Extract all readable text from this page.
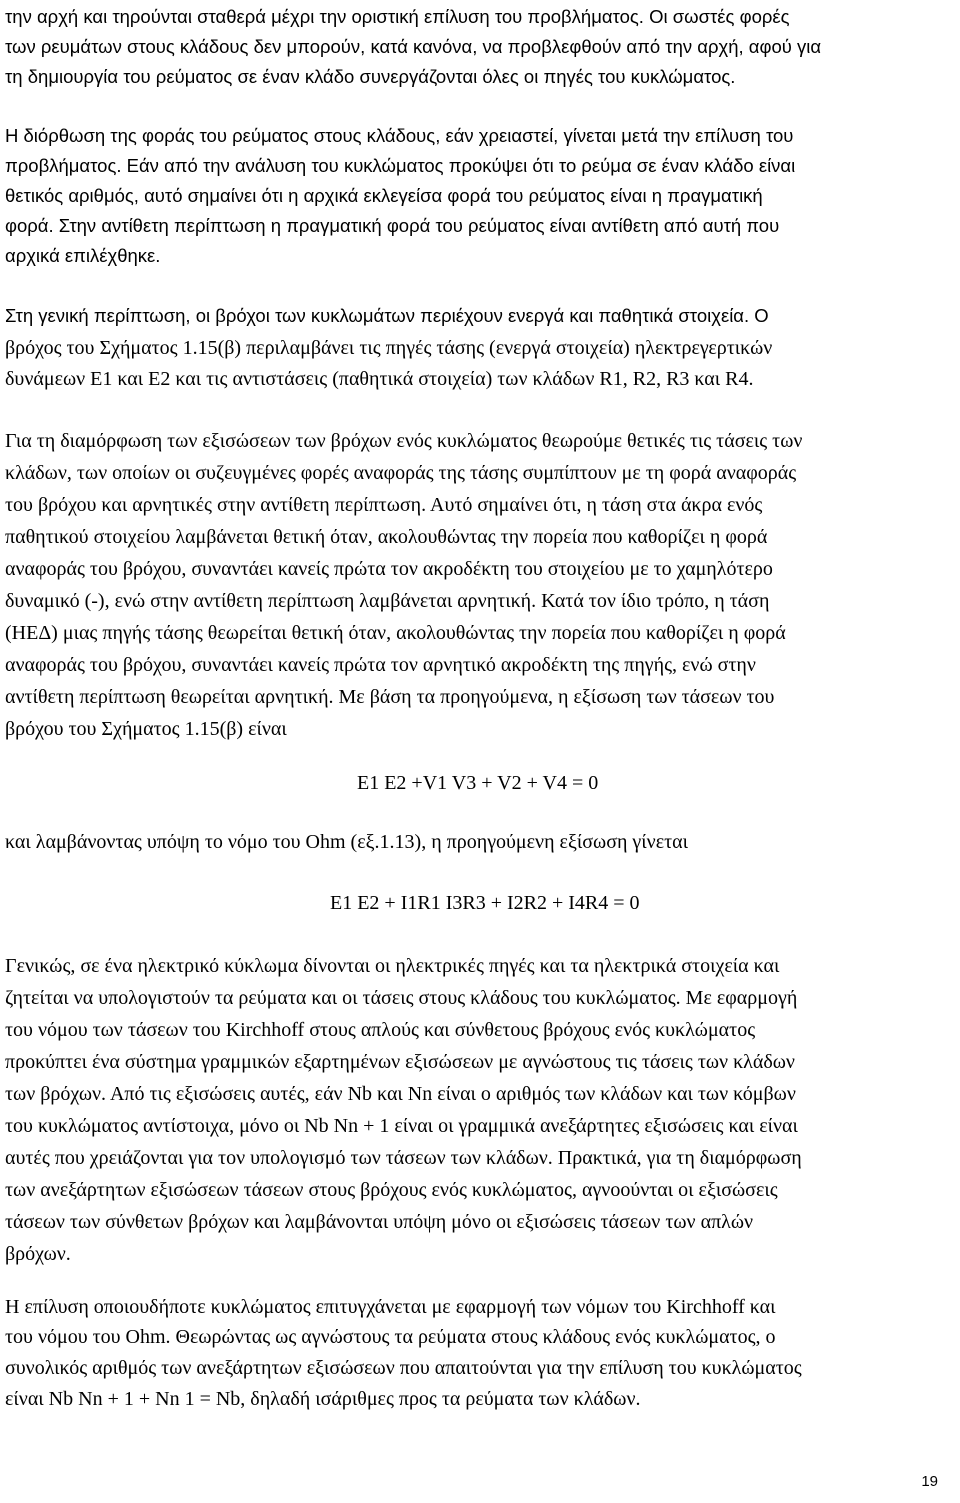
την αρχή και τηρούνται σταθερά μέχρι την οριστική επίλυση του προβλήματος. Οι σωστές φορές
των ρευμάτων στους κλάδους δεν μπορούν, κατά κανόνα, να προβλεφθούν από την αρχή, αφού για
τη δημιουργία του ρεύματος σε έναν κλάδο συνεργάζονται όλες οι πηγές του κυκλώματος.
Η διόρθωση της φοράς του ρεύματος στους κλάδους, εάν χρειαστεί, γίνεται μετά την επίλυση του
προβλήματος. Εάν από την ανάλυση του κυκλώματος προκύψει ότι το ρεύμα σε έναν κλάδο είναι
θετικός αριθμός, αυτό σημαίνει ότι η αρχικά εκλεγείσα φορά του ρεύματος είναι η πραγματική
φορά. Στην αντίθετη περίπτωση η πραγματική φορά του ρεύματος είναι αντίθετη από αυτή που
αρχικά επιλέχθηκε.
Στη γενική περίπτωση, οι βρόχοι των κυκλωμάτων περιέχουν ενεργά και παθητικά στοιχεία. Ο
βρόχος του Σχήματος 1.15(β) περιλαμβάνει τις πηγές τάσης (ενεργά στοιχεία) ηλεκτρεγερτικών
δυνάμεων E1 και E2 και τις αντιστάσεις (παθητικά στοιχεία) των κλάδων R1, R2, R3 και R4.
Για τη διαμόρφωση των εξισώσεων των βρόχων ενός κυκλώματος θεωρούμε θετικές τις τάσεις των
κλάδων, των οποίων οι συζευγμένες φορές αναφοράς της τάσης συμπίπτουν με τη φορά αναφοράς
του βρόχου και αρνητικές στην αντίθετη περίπτωση. Αυτό σημαίνει ότι, η τάση στα άκρα ενός
παθητικού στοιχείου λαμβάνεται θετική όταν, ακολουθώντας την πορεία που καθορίζει η φορά
αναφοράς του βρόχου, συναντάει κανείς πρώτα τον ακροδέκτη του στοιχείου με το χαμηλότερο
δυναμικό (-), ενώ στην αντίθετη περίπτωση λαμβάνεται αρνητική. Κατά τον ίδιο τρόπο, η τάση
(ΗΕΔ) μιας πηγής τάσης θεωρείται θετική όταν, ακολουθώντας την πορεία που καθορίζει η φορά
αναφοράς του βρόχου, συναντάει κανείς πρώτα τον αρνητικό ακροδέκτη της πηγής, ενώ στην
αντίθετη περίπτωση θεωρείται αρνητική. Με βάση τα προηγούμενα, η εξίσωση των τάσεων του
βρόχου του Σχήματος 1.15(β) είναι
E1 E2 +V1 V3 + V2 + V4 = 0
και λαμβάνοντας υπόψη το νόμο του Ohm (εξ.1.13), η προηγούμενη εξίσωση γίνεται
E1 E2 + I1R1 I3R3 + I2R2 + I4R4 = 0
Γενικώς, σε ένα ηλεκτρικό κύκλωμα δίνονται οι ηλεκτρικές πηγές και τα ηλεκτρικά στοιχεία και
ζητείται να υπολογιστούν τα ρεύματα και οι τάσεις στους κλάδους του κυκλώματος. Με εφαρμογή
του νόμου των τάσεων του Kirchhoff στους απλούς και σύνθετους βρόχους ενός κυκλώματος
προκύπτει ένα σύστημα γραμμικών εξαρτημένων εξισώσεων με αγνώστους τις τάσεις των κλάδων
των βρόχων. Από τις εξισώσεις αυτές, εάν Nb και Nn είναι ο αριθμός των κλάδων και των κόμβων
του κυκλώματος αντίστοιχα, μόνο οι Nb Nn + 1 είναι οι γραμμικά ανεξάρτητες εξισώσεις και είναι
αυτές που χρειάζονται για τον υπολογισμό των τάσεων των κλάδων. Πρακτικά, για τη διαμόρφωση
των ανεξάρτητων εξισώσεων τάσεων στους βρόχους ενός κυκλώματος, αγνοούνται οι εξισώσεις
τάσεων των σύνθετων βρόχων και λαμβάνονται υπόψη μόνο οι εξισώσεις τάσεων των απλών
βρόχων.
Η επίλυση οποιουδήποτε κυκλώματος επιτυγχάνεται με εφαρμογή των νόμων του Kirchhoff και
του νόμου του Ohm. Θεωρώντας ως αγνώστους τα ρεύματα στους κλάδους ενός κυκλώματος, ο
συνολικός αριθμός των ανεξάρτητων εξισώσεων που απαιτούνται για την επίλυση του κυκλώματος
είναι Nb Nn + 1 + Nn 1 = Nb, δηλαδή ισάριθμες προς τα ρεύματα των κλάδων.
19
